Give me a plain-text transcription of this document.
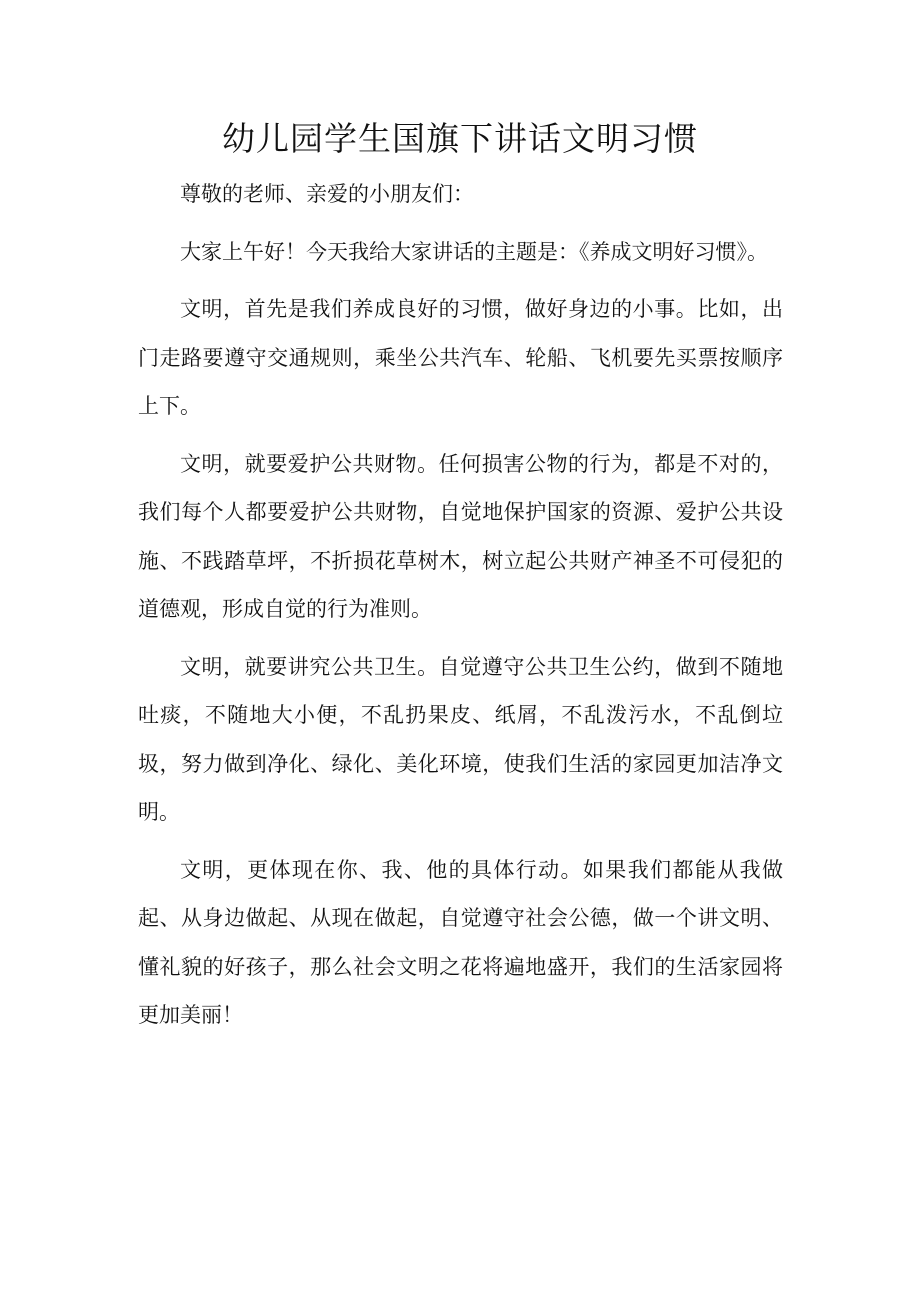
幼儿园学生国旗下讲话文明习惯

尊敬的老师、亲爱的小朋友们：

大家上午好！今天我给大家讲话的主题是：《养成文明好习惯》。

文明，首先是我们养成良好的习惯，做好身边的小事。比如，出门走路要遵守交通规则，乘坐公共汽车、轮船、飞机要先买票按顺序上下。

文明，就要爱护公共财物。任何损害公物的行为，都是不对的，我们每个人都要爱护公共财物，自觉地保护国家的资源、爱护公共设施、不践踏草坪，不折损花草树木，树立起公共财产神圣不可侵犯的道德观，形成自觉的行为准则。

文明，就要讲究公共卫生。自觉遵守公共卫生公约，做到不随地吐痰，不随地大小便，不乱扔果皮、纸屑，不乱泼污水，不乱倒垃圾，努力做到净化、绿化、美化环境，使我们生活的家园更加洁净文明。

文明，更体现在你、我、他的具体行动。如果我们都能从我做起、从身边做起、从现在做起，自觉遵守社会公德，做一个讲文明、懂礼貌的好孩子，那么社会文明之花将遍地盛开，我们的生活家园将更加美丽！
